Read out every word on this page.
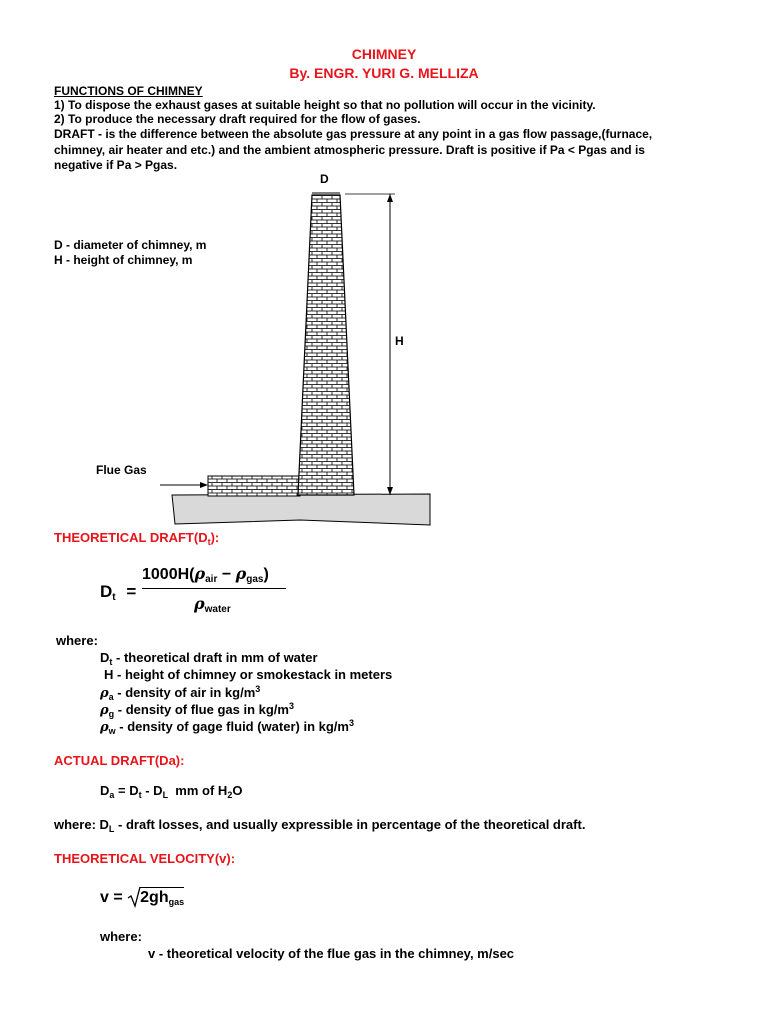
CHIMNEY
By. ENGR. YURI G. MELLIZA
FUNCTIONS OF CHIMNEY
1) To dispose the exhaust gases at suitable height so that no pollution will occur in the vicinity.
2) To produce the necessary draft required for the flow of gases.
DRAFT - is the difference between the absolute gas pressure at any point in a gas flow passage,(furnace,
chimney, air heater and etc.) and the ambient atmospheric pressure. Draft is positive if Pa < Pgas and is
negative if Pa > Pgas.
D
H
D - diameter of chimney, m
H - height of chimney, m
Flue Gas
THEORETICAL $DRAFT(D_t)$:
$D_t$ =
$1000H(\rho_{air} - \rho_{gas})$
$\rho_{water}$
where:
$D_t$ - theoretical draft in mm of water
H - height of chimney or smokestack in meters
$\rho_a$ - density of air in $kg/m^3$
$\rho_g$ - density of flue gas in $kg/m^3$
$\rho_w$ - density of gage fluid (water) in $kg/m^3$
ACTUAL DRAFT(Da):
$D_a = D_t - D_L$  mm of $H_2O$
where: $D_L$ - draft losses, and usually expressible in percentage of the theoretical draft.
THEORETICAL VELOCITY(v):
$v = 2gh_{gas}$
where:
v - theoretical velocity of the flue gas in the chimney, m/sec
